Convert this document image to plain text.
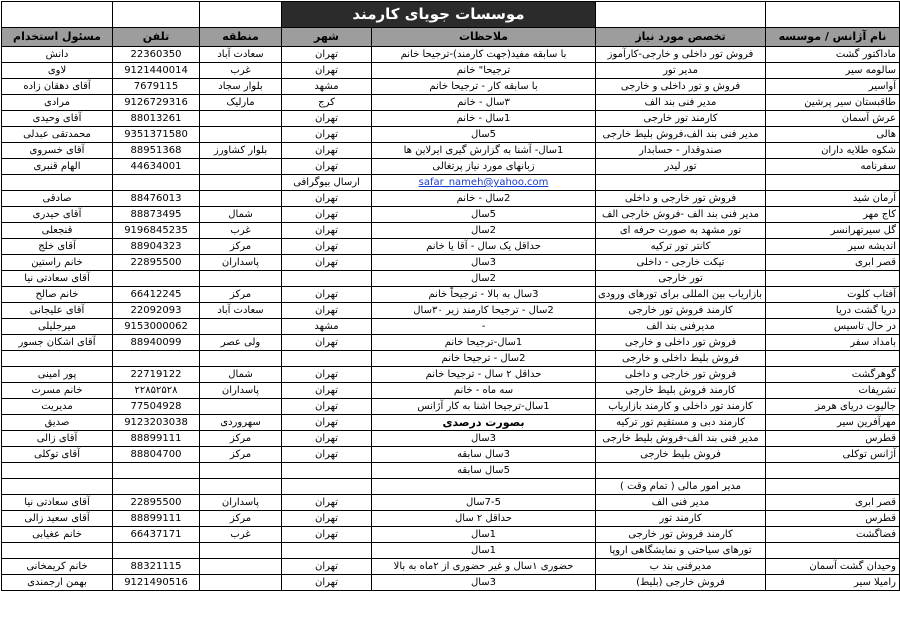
		موسسات جویای کارمند				
نام آژانس / موسسه	تخصص مورد نیاز	ملاحظات	شهر	منطقه	تلفن	مسئول استخدام
ماداکتور گشت	فروش تور داخلی و خارجی-کارآموز	با سابقه مفید(جهت کارمند)-ترجیحا خانم	تهران	سعادت آباد	22360350	دانش
سالومه سیر	مدیر تور	ترجیحا" خانم	تهران	غرب	9121440014	لاوی
آواسیر	فروش و تور داخلی و خارجی	با سابقه کار - ترجیحا خانم	مشهد	بلوار سجاد	7679115	آقای دهقان زاده
طاقبستان سیر پرشین	مدیر فنی بند الف	۳سال - خانم	کرج	مارلیک	9126729316	مرادی
عرش آسمان	کارمند تور خارجی	1سال - خانم	تهران		88013261	آقای وحیدی
هالی	مدیر فنی بند الف،فروش بلیط خارجی	5سال	تهران		9351371580	محمدتقی عبدلی
شکوه طلایه داران	صندوقدار - حسابدار	1سال- آشنا به گزارش گیری ایرلاین ها	تهران	بلوار کشاورز	88951368	آقای خسروی
سفرنامه	تور لیدر	زبانهای مورد نیاز پرتغالی	تهران		44634001	الهام قنبری
		safar_nameh@yahoo.com	ارسال بیوگرافی			
آرمان شید	فروش تور خارجی و داخلی	2سال - خانم	تهران		88476013	صادقی
کاج مهر	مدیر فنی بند الف -فروش خارجی الف	5سال	تهران	شمال	88873495	آقای حیدری
گل سیرتهرانسر	تور مشهد به صورت حرفه ای	2سال	تهران	غرب	9196845235	قنجعلی
اندیشه سیر	کانتر تور ترکیه	حداقل یک سال - آقا یا خانم	تهران	مرکز	88904323	آقای خلج
قصر ابری	تیکت خارجی - داخلی	3سال	تهران	پاسداران	22895500	خانم راستین
	تور خارجی	2سال				آقای سعادتی نیا
آفتاب کلوت	بازاریاب بین المللی برای تورهای ورودی	3سال به بالا - ترجیحاً خانم	تهران	مرکز	66412245	خانم صالح
دریا گشت دریا	کارمند فروش تور خارجی	2سال - ترجیحا کارمند زیر ۳۰سال	تهران	سعادت آباد	22092093	آقای علیجانی
در حال تاسیس	مدیرفنی بند الف	-	مشهد		9153000062	میرجلیلی
بامداد سفر	فروش تور داخلی و خارجی	1سال-ترجیحا خانم	تهران	ولی عصر	88940099	آقای اشکان جسور
	فروش بلیط داخلی و خارجی	2سال - ترجیحا خانم				
گوهرگشت	فروش تور خارجی و داخلی	حداقل ۲ سال - ترجیحا خانم	تهران	شمال	22719122	پور امینی
تشریفات	کارمند فروش بلیط خارجی	سه ماه - خانم	تهران	پاسداران	۲۲۸۵۲۵۲۸	خانم مسرت
جالیوت دریای هرمز	کارمند تور داخلی و کارمند بازاریاب	1سال-ترجیحا اشنا به کار آژانس	تهران		77504928	مدیریت
مهرآفرین سیر	کارمند دبی و مستقیم تور ترکیه	بصورت درصدی	تهران	سهروردی	9123203038	صدیق
قطرس	مدیر فنی بند الف-فروش بلیط خارجی	3سال	تهران	مرکز	88899111	آقای زالی
آژانس توکلی	فروش بلیط خارجی	3سال سابقه	تهران	مرکز	88804700	آقای توکلی
		5سال سابقه				
	مدیر امور مالی ( تمام وقت )					
قصر ابری	مدیر فنی الف	7-5سال	تهران	پاسداران	22895500	آقای سعادتی نیا
قطرس	کارمند تور	حداقل ۲ سال	تهران	مرکز	88899111	آقای سعید زالی
فضاگشت	کارمند فروش تور خارجی	1سال	تهران	غرب	66437171	خانم عغیابی
	تورهای سیاحتی و نمایشگاهی اروپا	1سال				
وحیدان گشت آسمان	مدیرفنی بند ب	حضوری ۱سال و غیر حضوری از ۲ماه به بالا	تهران		88321115	خانم کریمخانی
رامیلا سیر	فروش خارجی (بلیط)	3سال	تهران		9121490516	بهمن ارجمندی
